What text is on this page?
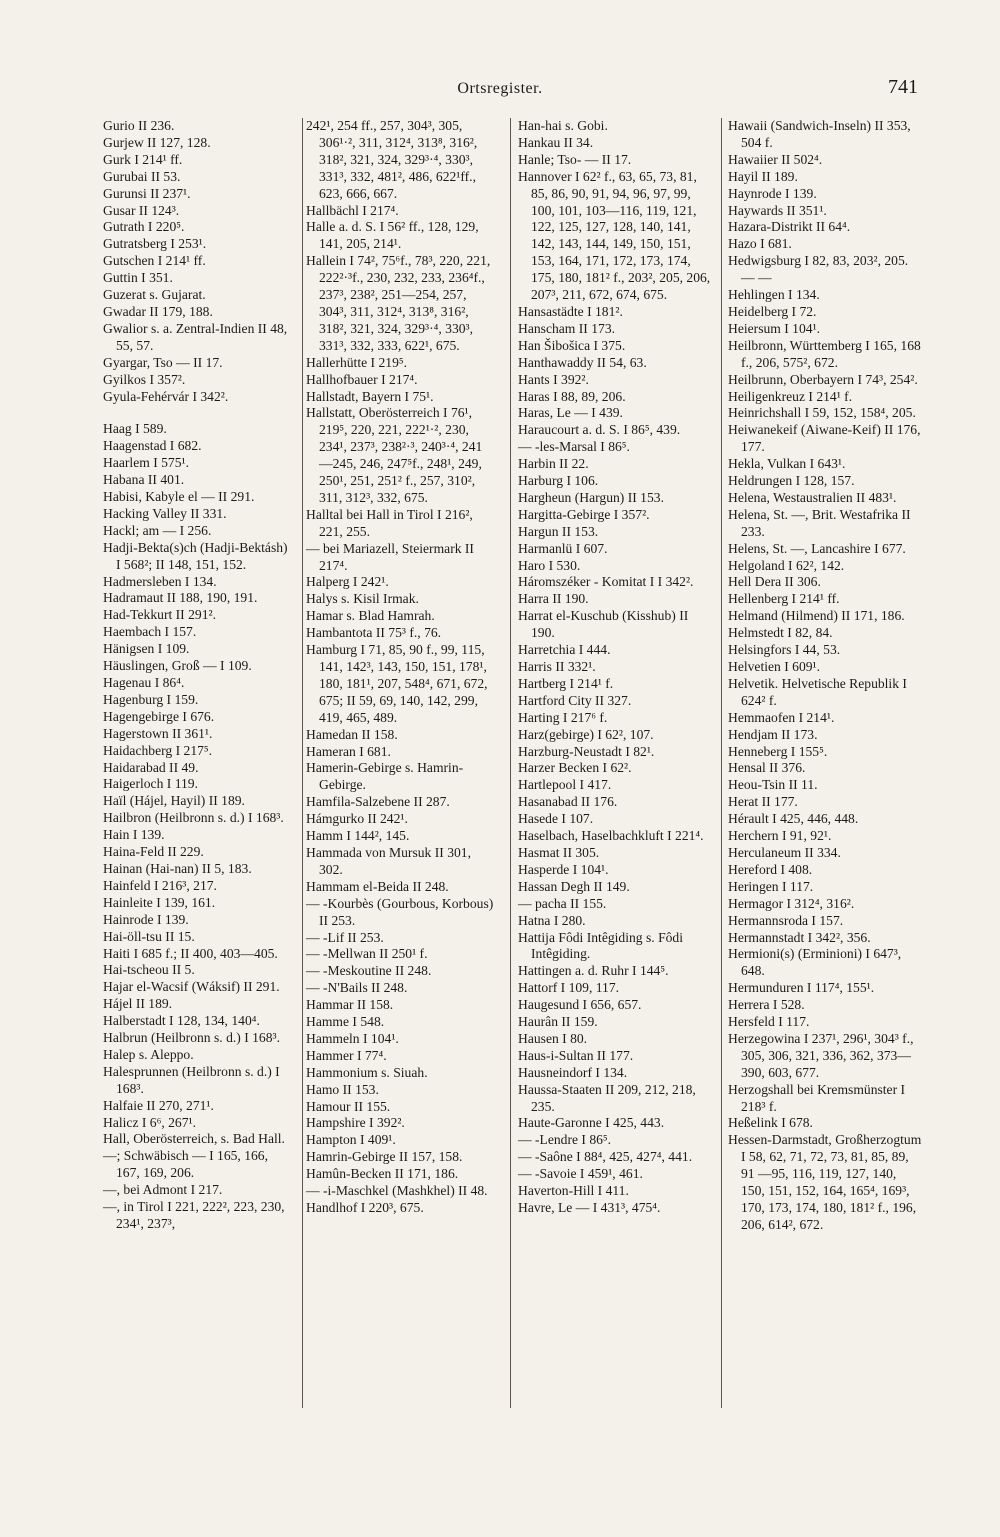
Ortsregister.	741
Gurio II 236.
Gurjew II 127, 128.
Gurk I 214¹ ff.
Gurubai II 53.
Gurunsi II 237¹.
Gusar II 124³.
Gutrath I 220⁵.
Gutratsberg I 253¹.
Gutschen I 214¹ ff.
Guttin I 351.
Guzerat s. Gujarat.
Gwadar II 179, 188.
Gwalior s. a. Zentral-Indien II 48, 55, 57.
Gyargar, Tso — II 17.
Gyilkos I 357².
Gyula-Fehérvár I 342².
Haag I 589.
Haagenstad I 682.
Haarlem I 575¹.
Habana II 401.
Habisi, Kabyle el — II 291.
Hacking Valley II 331.
Hackl; am — I 256.
Hadji-Bekta(s)ch (Hadji-Bektásh) I 568²; II 148, 151, 152.
Hadmersleben I 134.
Hadramaut II 188, 190, 191.
Had-Tekkurt II 291².
Haembach I 157.
Hänigsen I 109.
Häuslingen, Groß — I 109.
Hagenau I 86⁴.
Hagenburg I 159.
Hagengebirge I 676.
Hagerstown II 361¹.
Haidachberg I 217⁵.
Haidarabad II 49.
Haigerloch I 119.
Haïl (Hájel, Hayil) II 189.
Hailbron (Heilbronn s. d.) I 168³.
Hain I 139.
Haina-Feld II 229.
Hainan (Hai-nan) II 5, 183.
Hainfeld I 216³, 217.
Hainleite I 139, 161.
Hainrode I 139.
Hai-öll-tsu II 15.
Haiti I 685 f.; II 400, 403—405.
Hai-tscheou II 5.
Hajar el-Wacsif (Wáksif) II 291.
Hájel II 189.
Halberstadt I 128, 134, 140⁴.
Halbrun (Heilbronn s. d.) I 168³.
Halep s. Aleppo.
Halesprunnen (Heilbronn s. d.) I 168³.
Halfaie II 270, 271¹.
Halicz I 6⁶, 267¹.
Hall, Oberösterreich, s. Bad Hall.
—; Schwäbisch — I 165, 166, 167, 169, 206.
—, bei Admont I 217.
—, in Tirol I 221, 222², 223, 230, 234¹, 237³,
242¹, 254 ff., 257, 304³, 305, 306¹·², 311, 312⁴, 313⁸, 316², 318², 321, 324, 329³·⁴, 330³, 331³, 332, 481², 486, 622¹ff., 623, 666, 667.
Hallbächl I 217⁴.
Halle a. d. S. I 56² ff., 128, 129, 141, 205, 214¹.
Hallein I 74², 75⁶f., 78³, 220, 221, 222²·³f., 230, 232, 233, 236⁴f., 237³, 238², 251—254, 257, 304³, 311, 312⁴, 313⁸, 316², 318², 321, 324, 329³·⁴, 330³, 331³, 332, 333, 622¹, 675.
Hallerhütte I 219⁵.
Hallhofbauer I 217⁴.
Hallstadt, Bayern I 75¹.
Hallstatt, Oberösterreich I 76¹, 219⁵, 220, 221, 222¹·², 230, 234¹, 237³, 238²·³, 240³·⁴, 241—245, 246, 247⁵f., 248¹, 249, 250¹, 251, 251² f., 257, 310², 311, 312³, 332, 675.
Halltal bei Hall in Tirol I 216², 221, 255.
— bei Mariazell, Steiermark II 217⁴.
Halperg I 242¹.
Halys s. Kisil Irmak.
Hamar s. Blad Hamrah.
Hambantota II 75³ f., 76.
Hamburg I 71, 85, 90 f., 99, 115, 141, 142³, 143, 150, 151, 178¹, 180, 181¹, 207, 548⁴, 671, 672, 675; II 59, 69, 140, 142, 299, 419, 465, 489.
Hamedan II 158.
Hameran I 681.
Hamerin-Gebirge s. Hamrin-Gebirge.
Hamfila-Salzebene II 287.
Hámgurko II 242¹.
Hamm I 144², 145.
Hammada von Mursuk II 301, 302.
Hammam el-Beida II 248.
— -Kourbès (Gourbous, Korbous) II 253.
— -Lif II 253.
— -Mellwan II 250¹ f.
— -Meskoutine II 248.
— -N'Bails II 248.
Hammar II 158.
Hamme I 548.
Hammeln I 104¹.
Hammer I 77⁴.
Hammonium s. Siuah.
Hamo II 153.
Hamour II 155.
Hampshire I 392².
Hampton I 409¹.
Hamrin-Gebirge II 157, 158.
Hamûn-Becken II 171, 186.
— -i-Maschkel (Mashkhel) II 48.
Handlhof I 220³, 675.
Han-hai s. Gobi.
Hankau II 34.
Hanle; Tso- — II 17.
Hannover I 62² f., 63, 65, 73, 81, 85, 86, 90, 91, 94, 96, 97, 99, 100, 101, 103—116, 119, 121, 122, 125, 127, 128, 140, 141, 142, 143, 144, 149, 150, 151, 153, 164, 171, 172, 173, 174, 175, 180, 181² f., 203², 205, 206, 207³, 211, 672, 674, 675.
Hansastädte I 181².
Hanscham II 173.
Han Šibošica I 375.
Hanthawaddy II 54, 63.
Hants I 392².
Haras I 88, 89, 206.
Haras, Le — I 439.
Haraucourt a. d. S. I 86⁵, 439.
— -les-Marsal I 86⁵.
Harbin II 22.
Harburg I 106.
Hargheun (Hargun) II 153.
Hargitta-Gebirge I 357².
Hargun II 153.
Harmanlü I 607.
Haro I 530.
Háromszéker - Komitat I I 342².
Harra II 190.
Harrat el-Kuschub (Kisshub) II 190.
Harretchia I 444.
Harris II 332¹.
Hartberg I 214¹ f.
Hartford City II 327.
Harting I 217⁶ f.
Harz(gebirge) I 62², 107.
Harzburg-Neustadt I 82¹.
Harzer Becken I 62².
Hartlepool I 417.
Hasanabad II 176.
Hasede I 107.
Haselbach, Haselbachkluft I 221⁴.
Hasmat II 305.
Hasperde I 104¹.
Hassan Degh II 149.
— pacha II 155.
Hatna I 280.
Hattija Fôdi Intêgiding s. Fôdi Intêgiding.
Hattingen a. d. Ruhr I 144⁵.
Hattorf I 109, 117.
Haugesund I 656, 657.
Haurân II 159.
Hausen I 80.
Haus-i-Sultan II 177.
Hausneindorf I 134.
Haussa-Staaten II 209, 212, 218, 235.
Haute-Garonne I 425, 443.
— -Lendre I 86⁵.
— -Saône I 88⁴, 425, 427⁴, 441.
— -Savoie I 459¹, 461.
Haverton-Hill I 411.
Havre, Le — I 431³, 475⁴.
Hawaii (Sandwich-Inseln) II 353, 504 f.
Hawaiier II 502⁴.
Hayil II 189.
Haynrode I 139.
Haywards II 351¹.
Hazara-Distrikt II 64⁴.
Hazo I 681.
Hedwigsburg I 82, 83, 203², 205. — —
Hehlingen I 134.
Heidelberg I 72.
Heiersum I 104¹.
Heilbronn, Württemberg I 165, 168 f., 206, 575², 672.
Heilbrunn, Oberbayern I 74³, 254².
Heiligenkreuz I 214¹ f.
Heinrichshall I 59, 152, 158⁴, 205.
Heiwanekeif (Aiwane-Keif) II 176, 177.
Hekla, Vulkan I 643¹.
Heldrungen I 128, 157.
Helena, Westaustralien II 483¹.
Helena, St. —, Brit. Westafrika II 233.
Helens, St. —, Lancashire I 677.
Helgoland I 62², 142.
Hell Dera II 306.
Hellenberg I 214¹ ff.
Helmand (Hilmend) II 171, 186.
Helmstedt I 82, 84.
Helsingfors I 44, 53.
Helvetien I 609¹.
Helvetik. Helvetische Republik I 624² f.
Hemmaofen I 214¹.
Hendjam II 173.
Henneberg I 155⁵.
Hensal II 376.
Heou-Tsin II 11.
Herat II 177.
Hérault I 425, 446, 448.
Herchern I 91, 92¹.
Herculaneum II 334.
Hereford I 408.
Heringen I 117.
Hermagor I 312⁴, 316².
Hermannsroda I 157.
Hermannstadt I 342², 356.
Hermioni(s) (Erminioni) I 647³, 648.
Hermunduren I 117⁴, 155¹.
Herrera I 528.
Hersfeld I 117.
Herzegowina I 237¹, 296¹, 304³ f., 305, 306, 321, 336, 362, 373—390, 603, 677.
Herzogshall bei Kremsmünster I 218³ f.
Heßelink I 678.
Hessen-Darmstadt, Großherzogtum I 58, 62, 71, 72, 73, 81, 85, 89, 91 —95, 116, 119, 127, 140, 150, 151, 152, 164, 165⁴, 169³, 170, 173, 174, 180, 181² f., 196, 206, 614², 672.
